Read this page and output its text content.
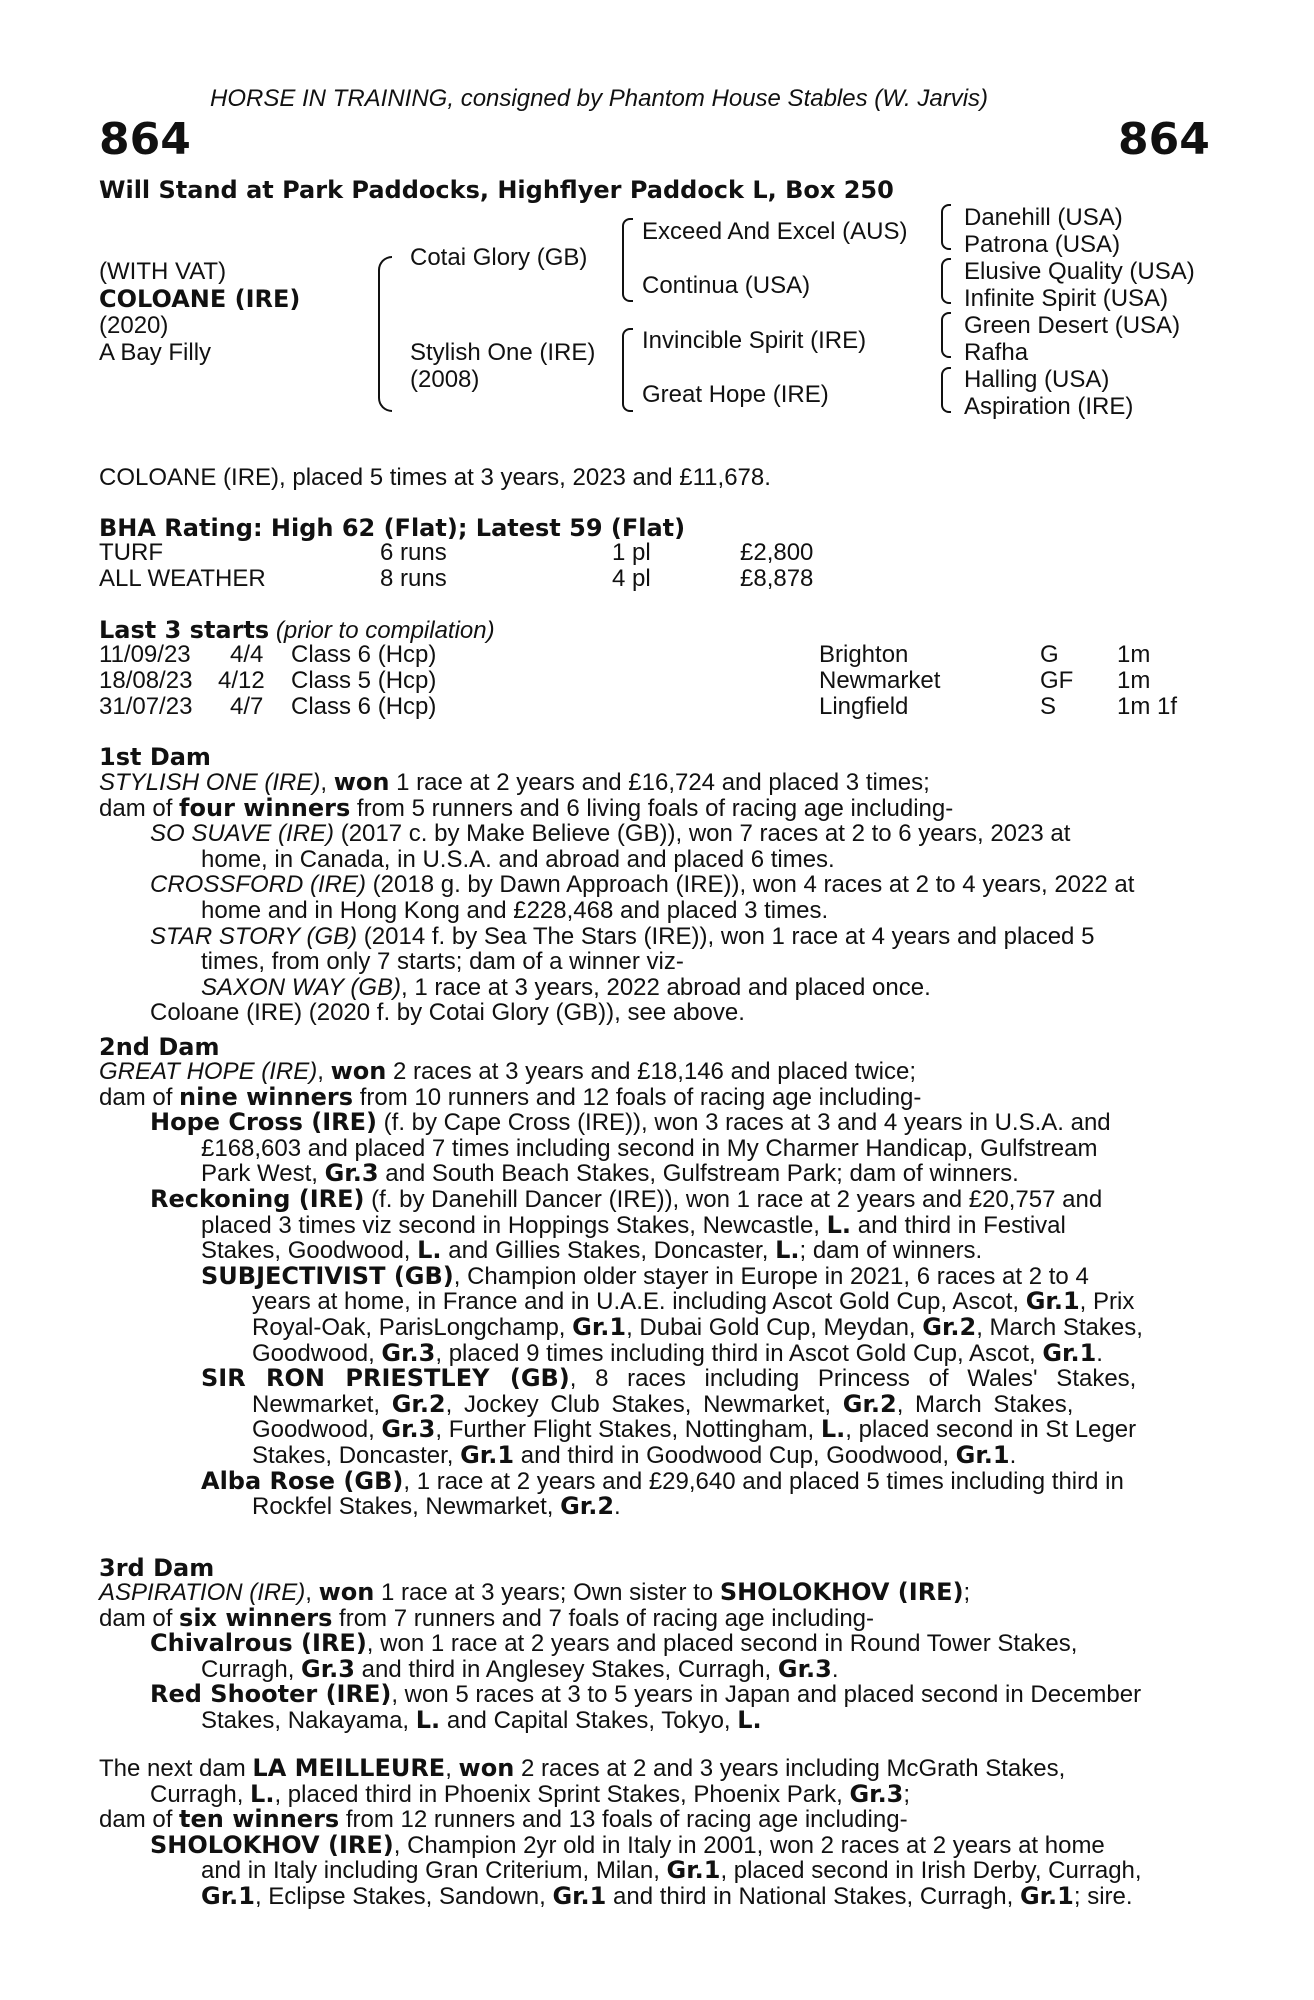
HORSE IN TRAINING, consigned by Phantom House Stables (W. Jarvis)
864	864
Will Stand at Park Paddocks, Highflyer Paddock L, Box 250
(WITH VAT)
COLOANE (IRE)
(2020)
A Bay Filly
Cotai Glory (GB)
Stylish One (IRE)
(2008)
Exceed And Excel (AUS)
Continua (USA)
Invincible Spirit (IRE)
Great Hope (IRE)
Danehill (USA)
Patrona (USA)
Elusive Quality (USA)
Infinite Spirit (USA)
Green Desert (USA)
Rafha
Halling (USA)
Aspiration (IRE)
COLOANE (IRE), placed 5 times at 3 years, 2023 and £11,678.
BHA Rating: High 62 (Flat); Latest 59 (Flat)
TURF	6 runs	1 pl	£2,800
ALL WEATHER	8 runs	4 pl	£8,878
Last 3 starts (prior to compilation)
11/09/23 4/4 Class 6 (Hcp)	Brighton	G 1m
18/08/23 4/12 Class 5 (Hcp)	Newmarket	GF 1m
31/07/23 4/7 Class 6 (Hcp)	Lingfield	S	1m 1f
1st Dam
STYLISH ONE (IRE), won 1 race at 2 years and £16,724 and placed 3 times;
dam of four winners from 5 runners and 6 living foals of racing age including-
SO SUAVE (IRE) (2017 c. by Make Believe (GB)), won 7 races at 2 to 6 years, 2023 at
home, in Canada, in U.S.A. and abroad and placed 6 times.
CROSSFORD (IRE) (2018 g. by Dawn Approach (IRE)), won 4 races at 2 to 4 years, 2022 at
home and in Hong Kong and £228,468 and placed 3 times.
STAR STORY (GB) (2014 f. by Sea The Stars (IRE)), won 1 race at 4 years and placed 5
times, from only 7 starts; dam of a winner viz-
SAXON WAY (GB), 1 race at 3 years, 2022 abroad and placed once.
Coloane (IRE) (2020 f. by Cotai Glory (GB)), see above.
2nd Dam
GREAT HOPE (IRE), won 2 races at 3 years and £18,146 and placed twice;
dam of nine winners from 10 runners and 12 foals of racing age including-
Hope Cross (IRE) (f. by Cape Cross (IRE)), won 3 races at 3 and 4 years in U.S.A. and
£168,603 and placed 7 times including second in My Charmer Handicap, Gulfstream
Park West, Gr.3 and South Beach Stakes, Gulfstream Park; dam of winners.
Reckoning (IRE) (f. by Danehill Dancer (IRE)), won 1 race at 2 years and £20,757 and
placed 3 times viz second in Hoppings Stakes, Newcastle, L. and third in Festival
Stakes, Goodwood, L. and Gillies Stakes, Doncaster, L.; dam of winners.
SUBJECTIVIST (GB), Champion older stayer in Europe in 2021, 6 races at 2 to 4
years at home, in France and in U.A.E. including Ascot Gold Cup, Ascot, Gr.1, Prix
Royal-Oak, ParisLongchamp, Gr.1, Dubai Gold Cup, Meydan, Gr.2, March Stakes,
Goodwood, Gr.3, placed 9 times including third in Ascot Gold Cup, Ascot, Gr.1.
SIR RON PRIESTLEY (GB), 8 races including Princess of Wales' Stakes,
Newmarket, Gr.2, Jockey Club Stakes, Newmarket, Gr.2, March Stakes,
Goodwood, Gr.3, Further Flight Stakes, Nottingham, L., placed second in St Leger
Stakes, Doncaster, Gr.1 and third in Goodwood Cup, Goodwood, Gr.1.
Alba Rose (GB), 1 race at 2 years and £29,640 and placed 5 times including third in
Rockfel Stakes, Newmarket, Gr.2.
3rd Dam
ASPIRATION (IRE), won 1 race at 3 years; Own sister to SHOLOKHOV (IRE);
dam of six winners from 7 runners and 7 foals of racing age including-
Chivalrous (IRE), won 1 race at 2 years and placed second in Round Tower Stakes,
Curragh, Gr.3 and third in Anglesey Stakes, Curragh, Gr.3.
Red Shooter (IRE), won 5 races at 3 to 5 years in Japan and placed second in December
Stakes, Nakayama, L. and Capital Stakes, Tokyo, L.
The next dam LA MEILLEURE, won 2 races at 2 and 3 years including McGrath Stakes,
Curragh, L., placed third in Phoenix Sprint Stakes, Phoenix Park, Gr.3;
dam of ten winners from 12 runners and 13 foals of racing age including-
SHOLOKHOV (IRE), Champion 2yr old in Italy in 2001, won 2 races at 2 years at home
and in Italy including Gran Criterium, Milan, Gr.1, placed second in Irish Derby, Curragh,
Gr.1, Eclipse Stakes, Sandown, Gr.1 and third in National Stakes, Curragh, Gr.1; sire.
